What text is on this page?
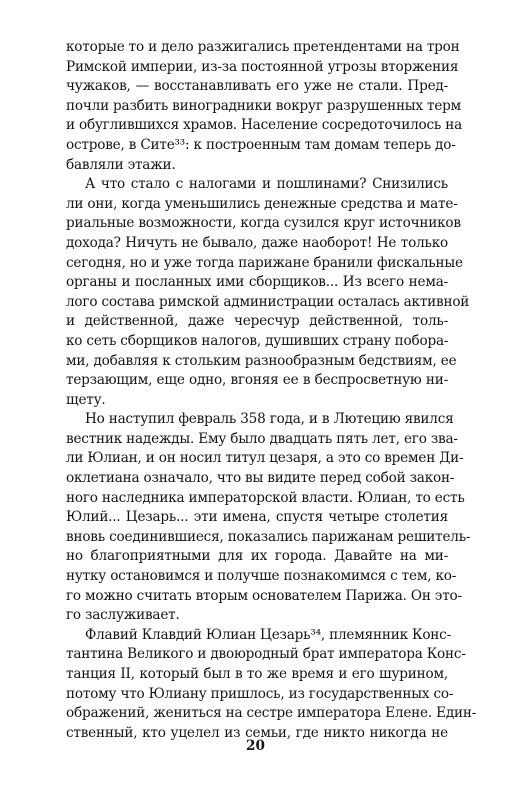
которые то и дело разжигались претендентами на трон
Римской империи, из-за постоянной угрозы вторжения
чужаков, — восстанавливать его уже не стали. Пред-
почли разбить виноградники вокруг разрушенных терм
и обуглившихся храмов. Население сосредоточилось на
острове, в Сите³³: к построенным там домам теперь до-
бавляли этажи.

А что стало с налогами и пошлинами? Снизились
ли они, когда уменьшились денежные средства и мате-
риальные возможности, когда сузился круг источников
дохода? Ничуть не бывало, даже наоборот! Не только
сегодня, но и уже тогда парижане бранили фискальные
органы и посланных ими сборщиков... Из всего нема-
лого состава римской администрации осталась активной
и действенной, даже чересчур действенной, толь-
ко сеть сборщиков налогов, душивших страну побора-
ми, добавляя к стольким разнообразным бедствиям, ее
терзающим, еще одно, вгоняя ее в беспросветную ни-
щету.

Но наступил февраль 358 года, и в Лютецию явился
вестник надежды. Ему было двадцать пять лет, его зва-
ли Юлиан, и он носил титул цезаря, а это со времен Ди-
оклетиана означало, что вы видите перед собой закон-
ного наследника императорской власти. Юлиан, то есть
Юлий... Цезарь... эти имена, спустя четыре столетия
вновь соединившиеся, показались парижанам решитель-
но благоприятными для их города. Давайте на ми-
нутку остановимся и получше познакомимся с тем, ко-
го можно считать вторым основателем Парижа. Он это-
го заслуживает.

Флавий Клавдий Юлиан Цезарь³⁴, племянник Конс-
тантина Великого и двоюродный брат императора Конс-
танция II, который был в то же время и его шурином,
потому что Юлиану пришлось, из государственных со-
ображений, жениться на сестре императора Елене. Един-
ственный, кто уцелел из семьи, где никто никогда не

20
